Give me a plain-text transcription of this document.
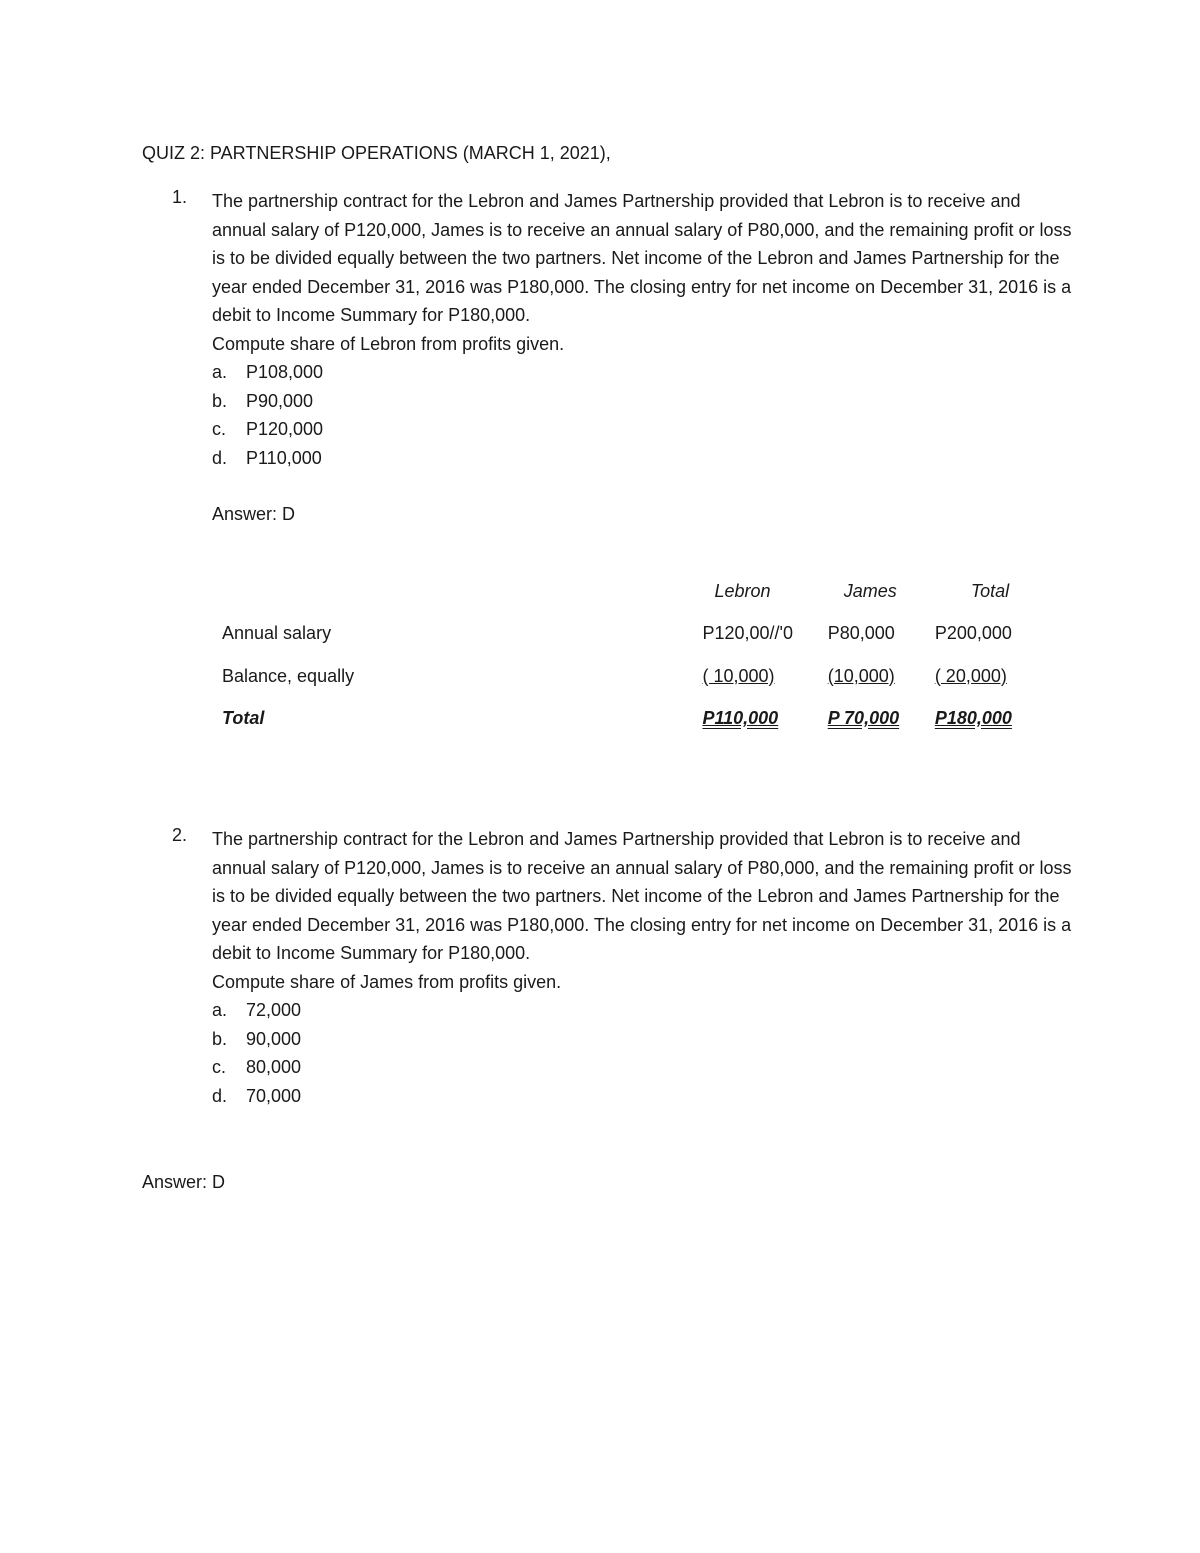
QUIZ 2: PARTNERSHIP OPERATIONS (MARCH 1, 2021),
1.	The partnership contract for the Lebron and James Partnership provided that Lebron is to receive and annual salary of P120,000, James is to receive an annual salary of P80,000, and the remaining profit or loss is to be divided equally between the two partners. Net income of the Lebron and James Partnership for the year ended December 31, 2016 was P180,000. The closing entry for net income on December 31, 2016 is a debit to Income Summary for P180,000.
Compute share of Lebron from profits given.
a.	P108,000
b.	P90,000
c.	P120,000
d.	P110,000
Answer: D
	Lebron	James	Total
Annual salary	P120,00//'0	P80,000	P200,000
Balance, equally	( 10,000)	(10,000)	( 20,000)
Total	P110,000	P 70,000	P180,000
2.	The partnership contract for the Lebron and James Partnership provided that Lebron is to receive and annual salary of P120,000, James is to receive an annual salary of P80,000, and the remaining profit or loss is to be divided equally between the two partners. Net income of the Lebron and James Partnership for the year ended December 31, 2016 was P180,000. The closing entry for net income on December 31, 2016 is a debit to Income Summary for P180,000.
Compute share of James from profits given.
a.	72,000
b.	90,000
c.	80,000
d.	70,000
Answer: D
